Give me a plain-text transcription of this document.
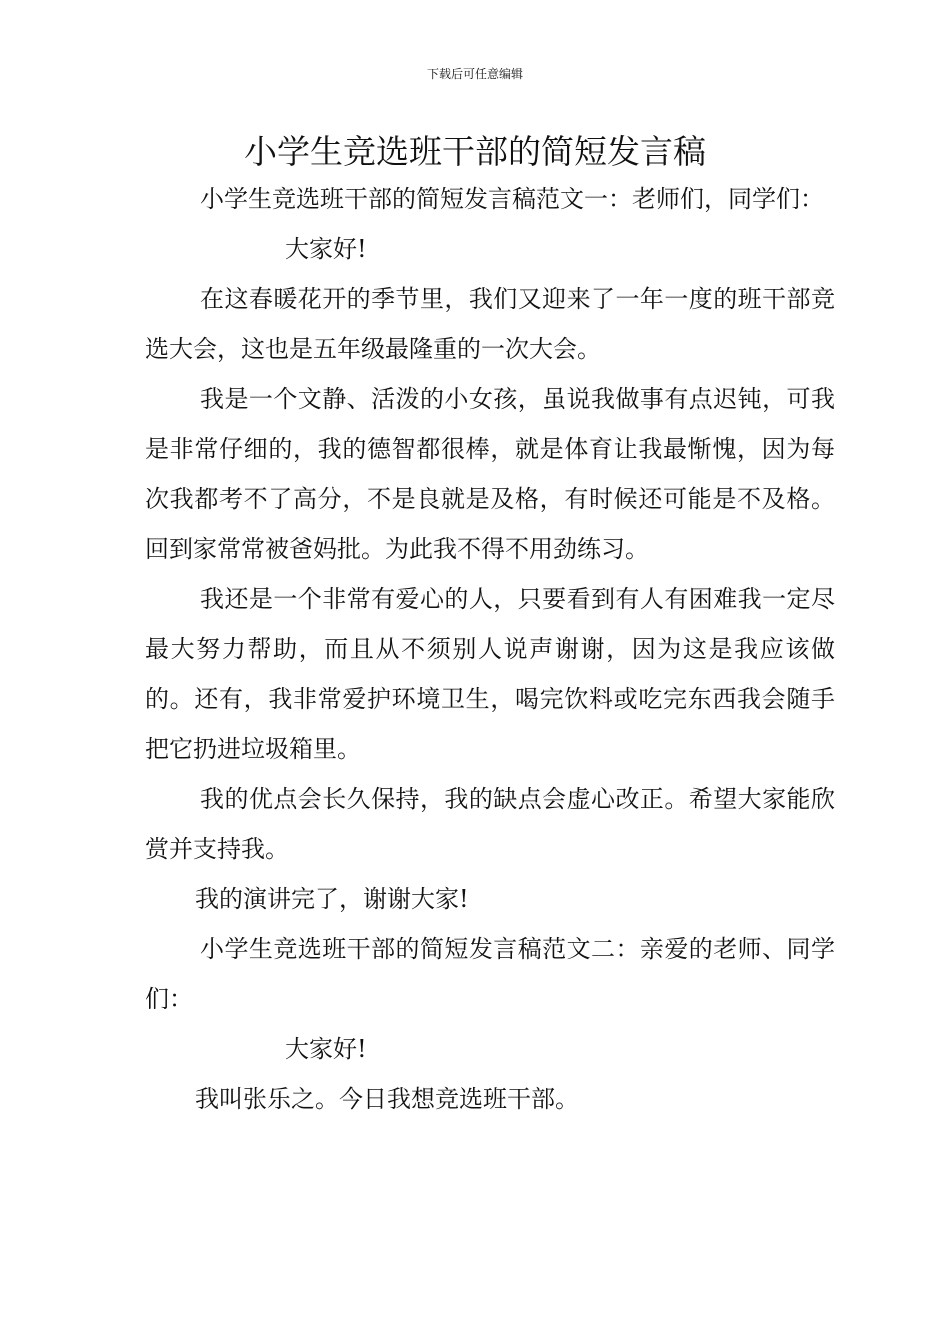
下载后可任意编辑
小学生竞选班干部的简短发言稿

小学生竞选班干部的简短发言稿范文一：老师们，同学们：

大家好!

在这春暖花开的季节里，我们又迎来了一年一度的班干部竞选大会，这也是五年级最隆重的一次大会。

我是一个文静、活泼的小女孩，虽说我做事有点迟钝，可我是非常仔细的，我的德智都很棒，就是体育让我最惭愧，因为每次我都考不了高分，不是良就是及格，有时候还可能是不及格。回到家常常被爸妈批。为此我不得不用劲练习。

我还是一个非常有爱心的人，只要看到有人有困难我一定尽最大努力帮助，而且从不须别人说声谢谢，因为这是我应该做的。还有，我非常爱护环境卫生，喝完饮料或吃完东西我会随手把它扔进垃圾箱里。

我的优点会长久保持，我的缺点会虚心改正。希望大家能欣赏并支持我。

我的演讲完了，谢谢大家!

小学生竞选班干部的简短发言稿范文二：亲爱的老师、同学们：

大家好!

我叫张乐之。今日我想竞选班干部。
